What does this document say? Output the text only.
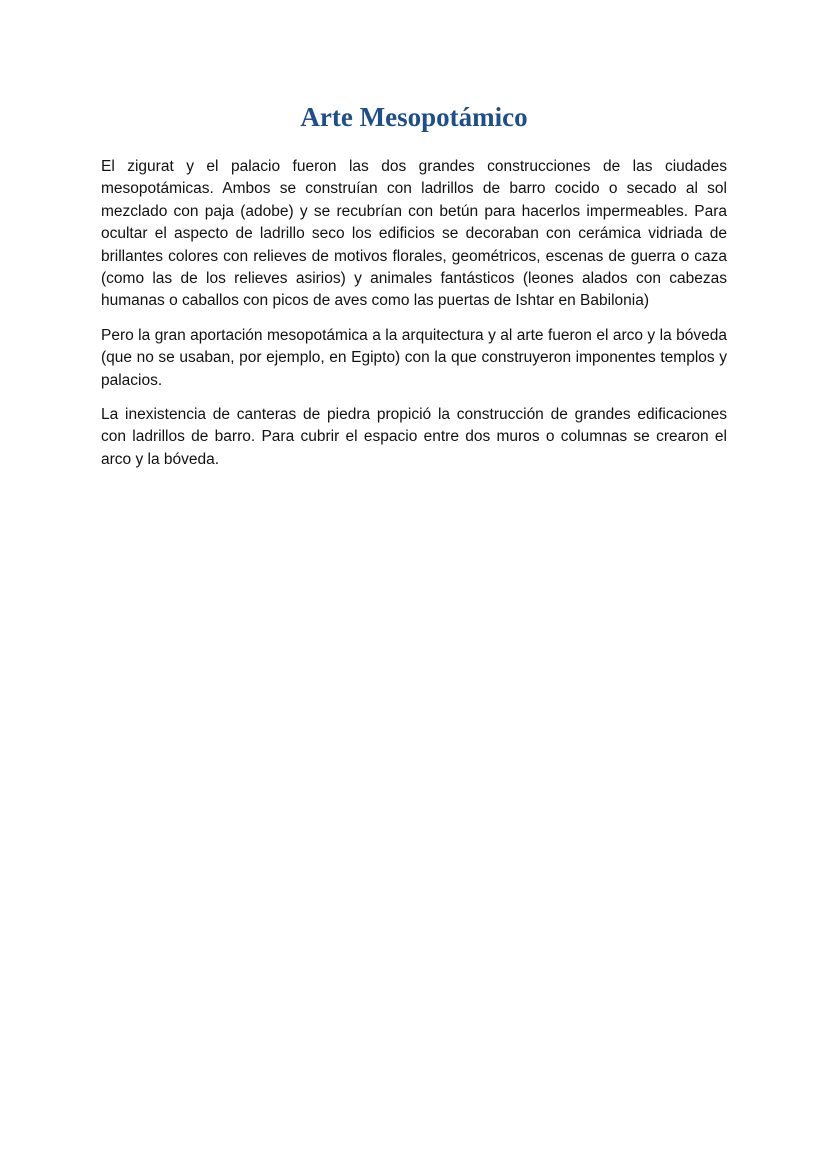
Arte Mesopotámico

El zigurat y el palacio fueron las dos grandes construcciones de las ciudades mesopotámicas. Ambos se construían con ladrillos de barro cocido o secado al sol mezclado con paja (adobe) y se recubrían con betún para hacerlos impermeables. Para ocultar el aspecto de ladrillo seco los edificios se decoraban con cerámica vidriada de brillantes colores con relieves de motivos florales, geométricos, escenas de guerra o caza (como las de los relieves asirios) y animales fantásticos (leones alados con cabezas humanas o caballos con picos de aves como las puertas de Ishtar en Babilonia)

Pero la gran aportación mesopotámica a la arquitectura y al arte fueron el arco y la bóveda (que no se usaban, por ejemplo, en Egipto) con la que construyeron imponentes templos y palacios.

La inexistencia de canteras de piedra propició la construcción de grandes edificaciones con ladrillos de barro. Para cubrir el espacio entre dos muros o columnas se crearon el arco y la bóveda.
